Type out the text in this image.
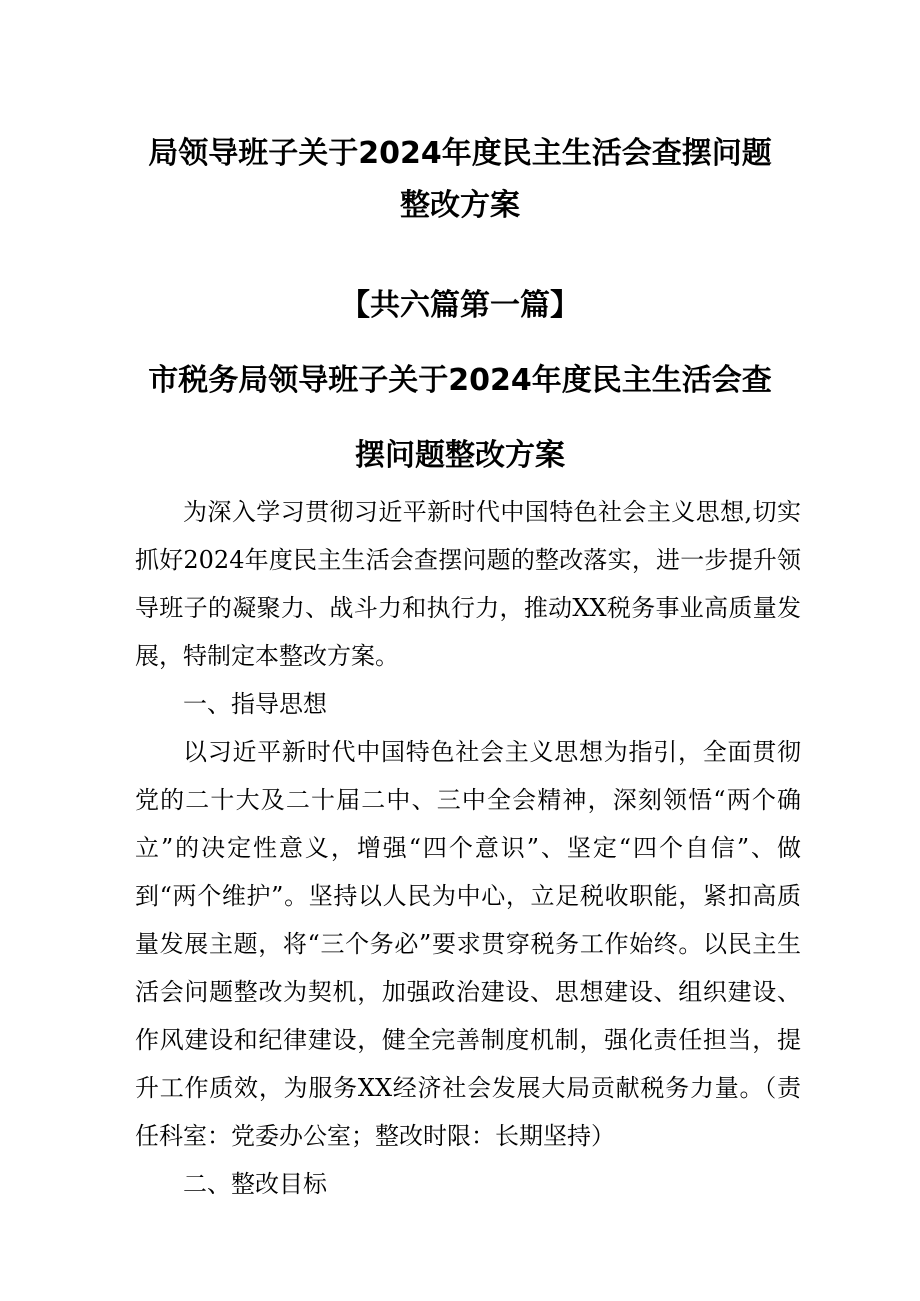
局领导班子关于2024年度民主生活会查摆问题
整改方案
【共六篇第一篇】
市税务局领导班子关于2024年度民主生活会查
摆问题整改方案
为深入学习贯彻习近平新时代中国特色社会主义思想,切实抓好2024年度民主生活会查摆问题的整改落实，进一步提升领导班子的凝聚力、战斗力和执行力，推动XX税务事业高质量发展，特制定本整改方案。
一、指导思想
以习近平新时代中国特色社会主义思想为指引，全面贯彻党的二十大及二十届二中、三中全会精神，深刻领悟“两个确立”的决定性意义，增强“四个意识”、坚定“四个自信”、做到“两个维护”。坚持以人民为中心，立足税收职能，紧扣高质量发展主题，将“三个务必”要求贯穿税务工作始终。以民主生活会问题整改为契机，加强政治建设、思想建设、组织建设、作风建设和纪律建设，健全完善制度机制，强化责任担当，提升工作质效，为服务XX经济社会发展大局贡献税务力量。（责任科室：党委办公室；整改时限：长期坚持）
二、整改目标
